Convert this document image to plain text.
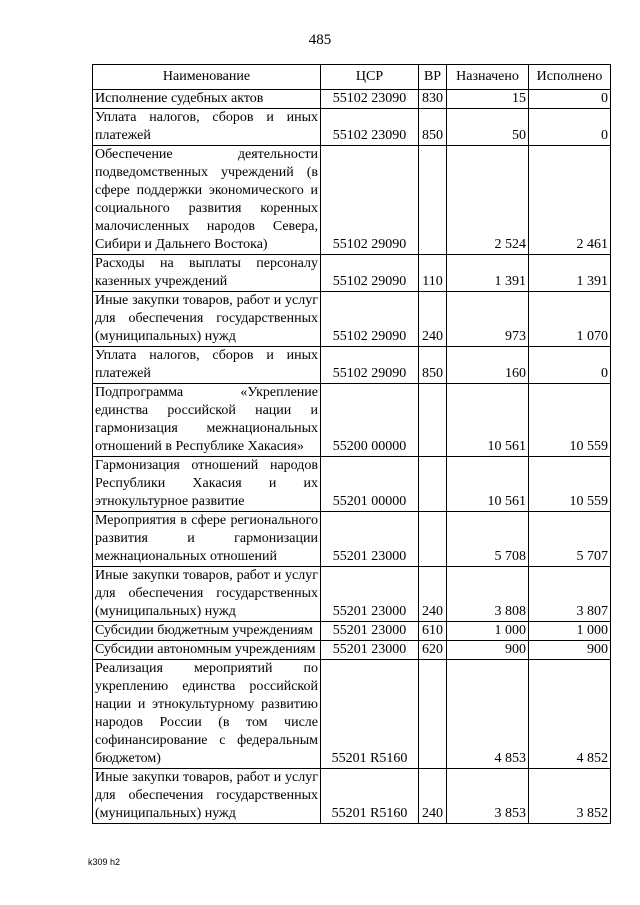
485
Наименование	ЦСР	ВР	Назначено	Исполнено
Исполнение судебных актов	55102 23090	830	15	0
Уплата налогов, сборов и иных платежей	55102 23090	850	50	0
Обеспечение деятельности подведомственных учреждений (в сфере поддержки экономического и социального развития коренных малочисленных народов Севера, Сибири и Дальнего Востока)	55102 29090		2 524	2 461
Расходы на выплаты персоналу казенных учреждений	55102 29090	110	1 391	1 391
Иные закупки товаров, работ и услуг для обеспечения государственных (муниципальных) нужд	55102 29090	240	973	1 070
Уплата налогов, сборов и иных платежей	55102 29090	850	160	0
Подпрограмма «Укрепление единства российской нации и гармонизация межнациональных отношений в Республике Хакасия»	55200 00000		10 561	10 559
Гармонизация отношений народов Республики Хакасия и их этнокультурное развитие	55201 00000		10 561	10 559
Мероприятия в сфере регионального развития и гармонизации межнациональных отношений	55201 23000		5 708	5 707
Иные закупки товаров, работ и услуг для обеспечения государственных (муниципальных) нужд	55201 23000	240	3 808	3 807
Субсидии бюджетным учреждениям	55201 23000	610	1 000	1 000
Субсидии автономным учреждениям	55201 23000	620	900	900
Реализация мероприятий по укреплению единства российской нации и этнокультурному развитию народов России (в том числе софинансирование с федеральным бюджетом)	55201 R5160		4 853	4 852
Иные закупки товаров, работ и услуг для обеспечения государственных (муниципальных) нужд	55201 R5160	240	3 853	3 852
k309 h2
